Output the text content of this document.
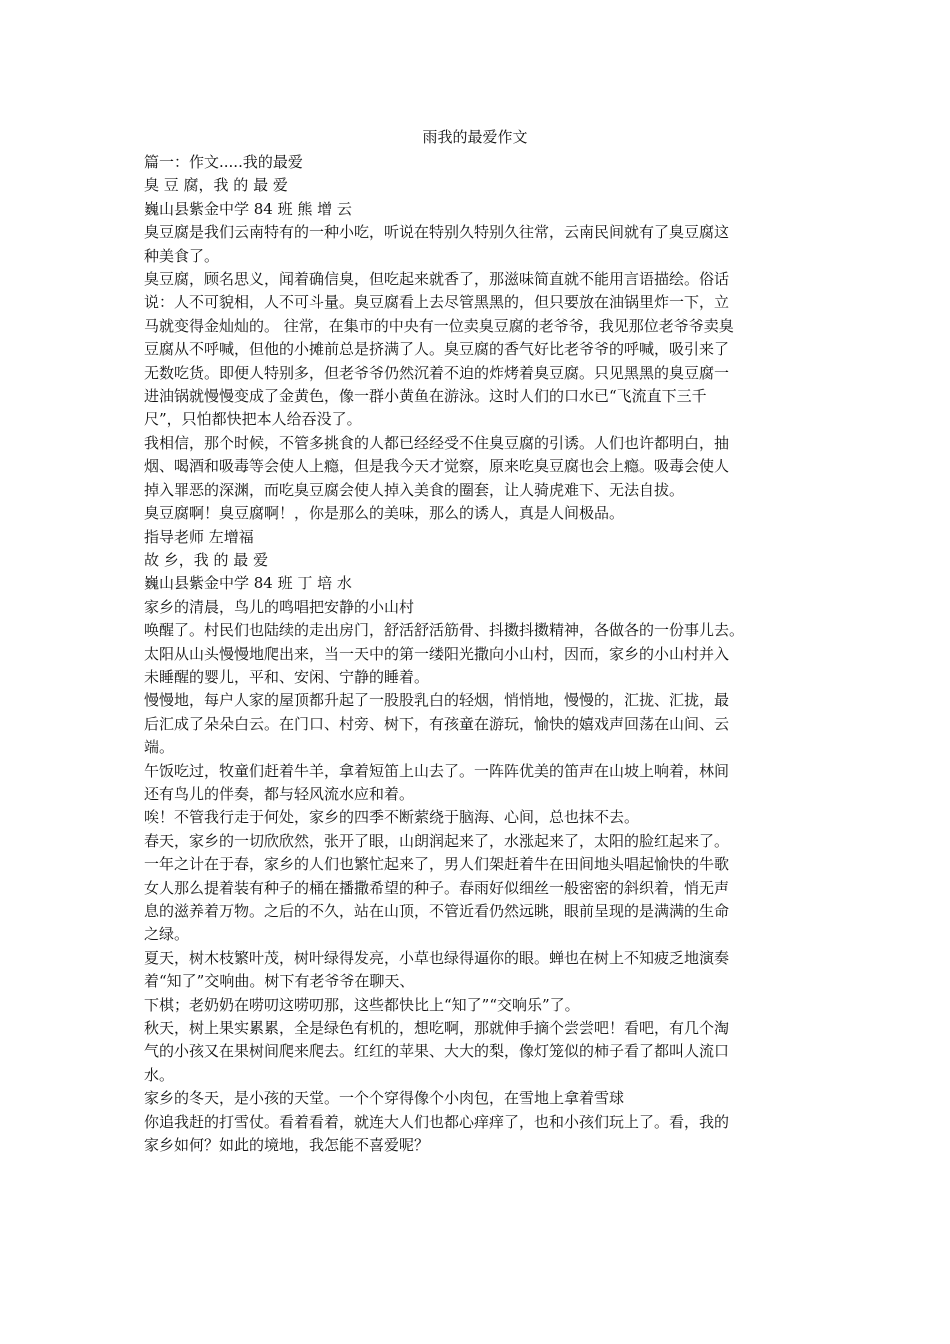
雨我的最爱作文
篇一：作文.....我的最爱
臭 豆 腐，我 的 最 爱
巍山县紫金中学 84 班 熊 增 云
臭豆腐是我们云南特有的一种小吃，听说在特别久特别久往常，云南民间就有了臭豆腐这
种美食了。
臭豆腐，顾名思义，闻着确信臭，但吃起来就香了，那滋味简直就不能用言语描绘。俗话
说：人不可貌相，人不可斗量。臭豆腐看上去尽管黑黑的，但只要放在油锅里炸一下，立
马就变得金灿灿的。 往常，在集市的中央有一位卖臭豆腐的老爷爷，我见那位老爷爷卖臭
豆腐从不呼喊，但他的小摊前总是挤满了人。臭豆腐的香气好比老爷爷的呼喊，吸引来了
无数吃货。即便人特别多，但老爷爷仍然沉着不迫的炸烤着臭豆腐。只见黑黑的臭豆腐一
进油锅就慢慢变成了金黄色，像一群小黄鱼在游泳。这时人们的口水已“飞流直下三千
尺”，只怕都快把本人给吞没了。
我相信，那个时候，不管多挑食的人都已经经受不住臭豆腐的引诱。人们也许都明白，抽
烟、喝酒和吸毒等会使人上瘾，但是我今天才觉察，原来吃臭豆腐也会上瘾。吸毒会使人
掉入罪恶的深渊，而吃臭豆腐会使人掉入美食的圈套，让人骑虎难下、无法自拔。
臭豆腐啊！臭豆腐啊！，你是那么的美味，那么的诱人，真是人间极品。
指导老师 左增福
故 乡，我 的 最 爱
巍山县紫金中学 84 班 丁 培 水
家乡的清晨，鸟儿的鸣唱把安静的小山村
唤醒了。村民们也陆续的走出房门，舒活舒活筋骨、抖擞抖擞精神，各做各的一份事儿去。
太阳从山头慢慢地爬出来，当一天中的第一缕阳光撒向小山村，因而，家乡的小山村并入
未睡醒的婴儿，平和、安闲、宁静的睡着。
慢慢地，每户人家的屋顶都升起了一股股乳白的轻烟，悄悄地，慢慢的，汇拢、汇拢，最
后汇成了朵朵白云。在门口、村旁、树下，有孩童在游玩，愉快的嬉戏声回荡在山间、云
端。
午饭吃过，牧童们赶着牛羊，拿着短笛上山去了。一阵阵优美的笛声在山坡上响着，林间
还有鸟儿的伴奏，都与轻风流水应和着。
唉！不管我行走于何处，家乡的四季不断萦绕于脑海、心间，总也抹不去。
春天，家乡的一切欣欣然，张开了眼，山朗润起来了，水涨起来了，太阳的脸红起来了。
一年之计在于春，家乡的人们也繁忙起来了，男人们架赶着牛在田间地头唱起愉快的牛歌
女人那么提着装有种子的桶在播撒希望的种子。春雨好似细丝一般密密的斜织着，悄无声
息的滋养着万物。之后的不久，站在山顶，不管近看仍然远眺，眼前呈现的是满满的生命
之绿。
夏天，树木枝繁叶茂，树叶绿得发亮，小草也绿得逼你的眼。蝉也在树上不知疲乏地演奏
着“知了”交响曲。树下有老爷爷在聊天、
下棋；老奶奶在唠叨这唠叨那，这些都快比上“知了”“交响乐”了。
秋天，树上果实累累，全是绿色有机的，想吃啊，那就伸手摘个尝尝吧！看吧，有几个淘
气的小孩又在果树间爬来爬去。红红的苹果、大大的梨，像灯笼似的柿子看了都叫人流口
水。
家乡的冬天，是小孩的天堂。一个个穿得像个小肉包，在雪地上拿着雪球
你追我赶的打雪仗。看着看着，就连大人们也都心痒痒了，也和小孩们玩上了。看，我的
家乡如何？如此的境地，我怎能不喜爱呢？
